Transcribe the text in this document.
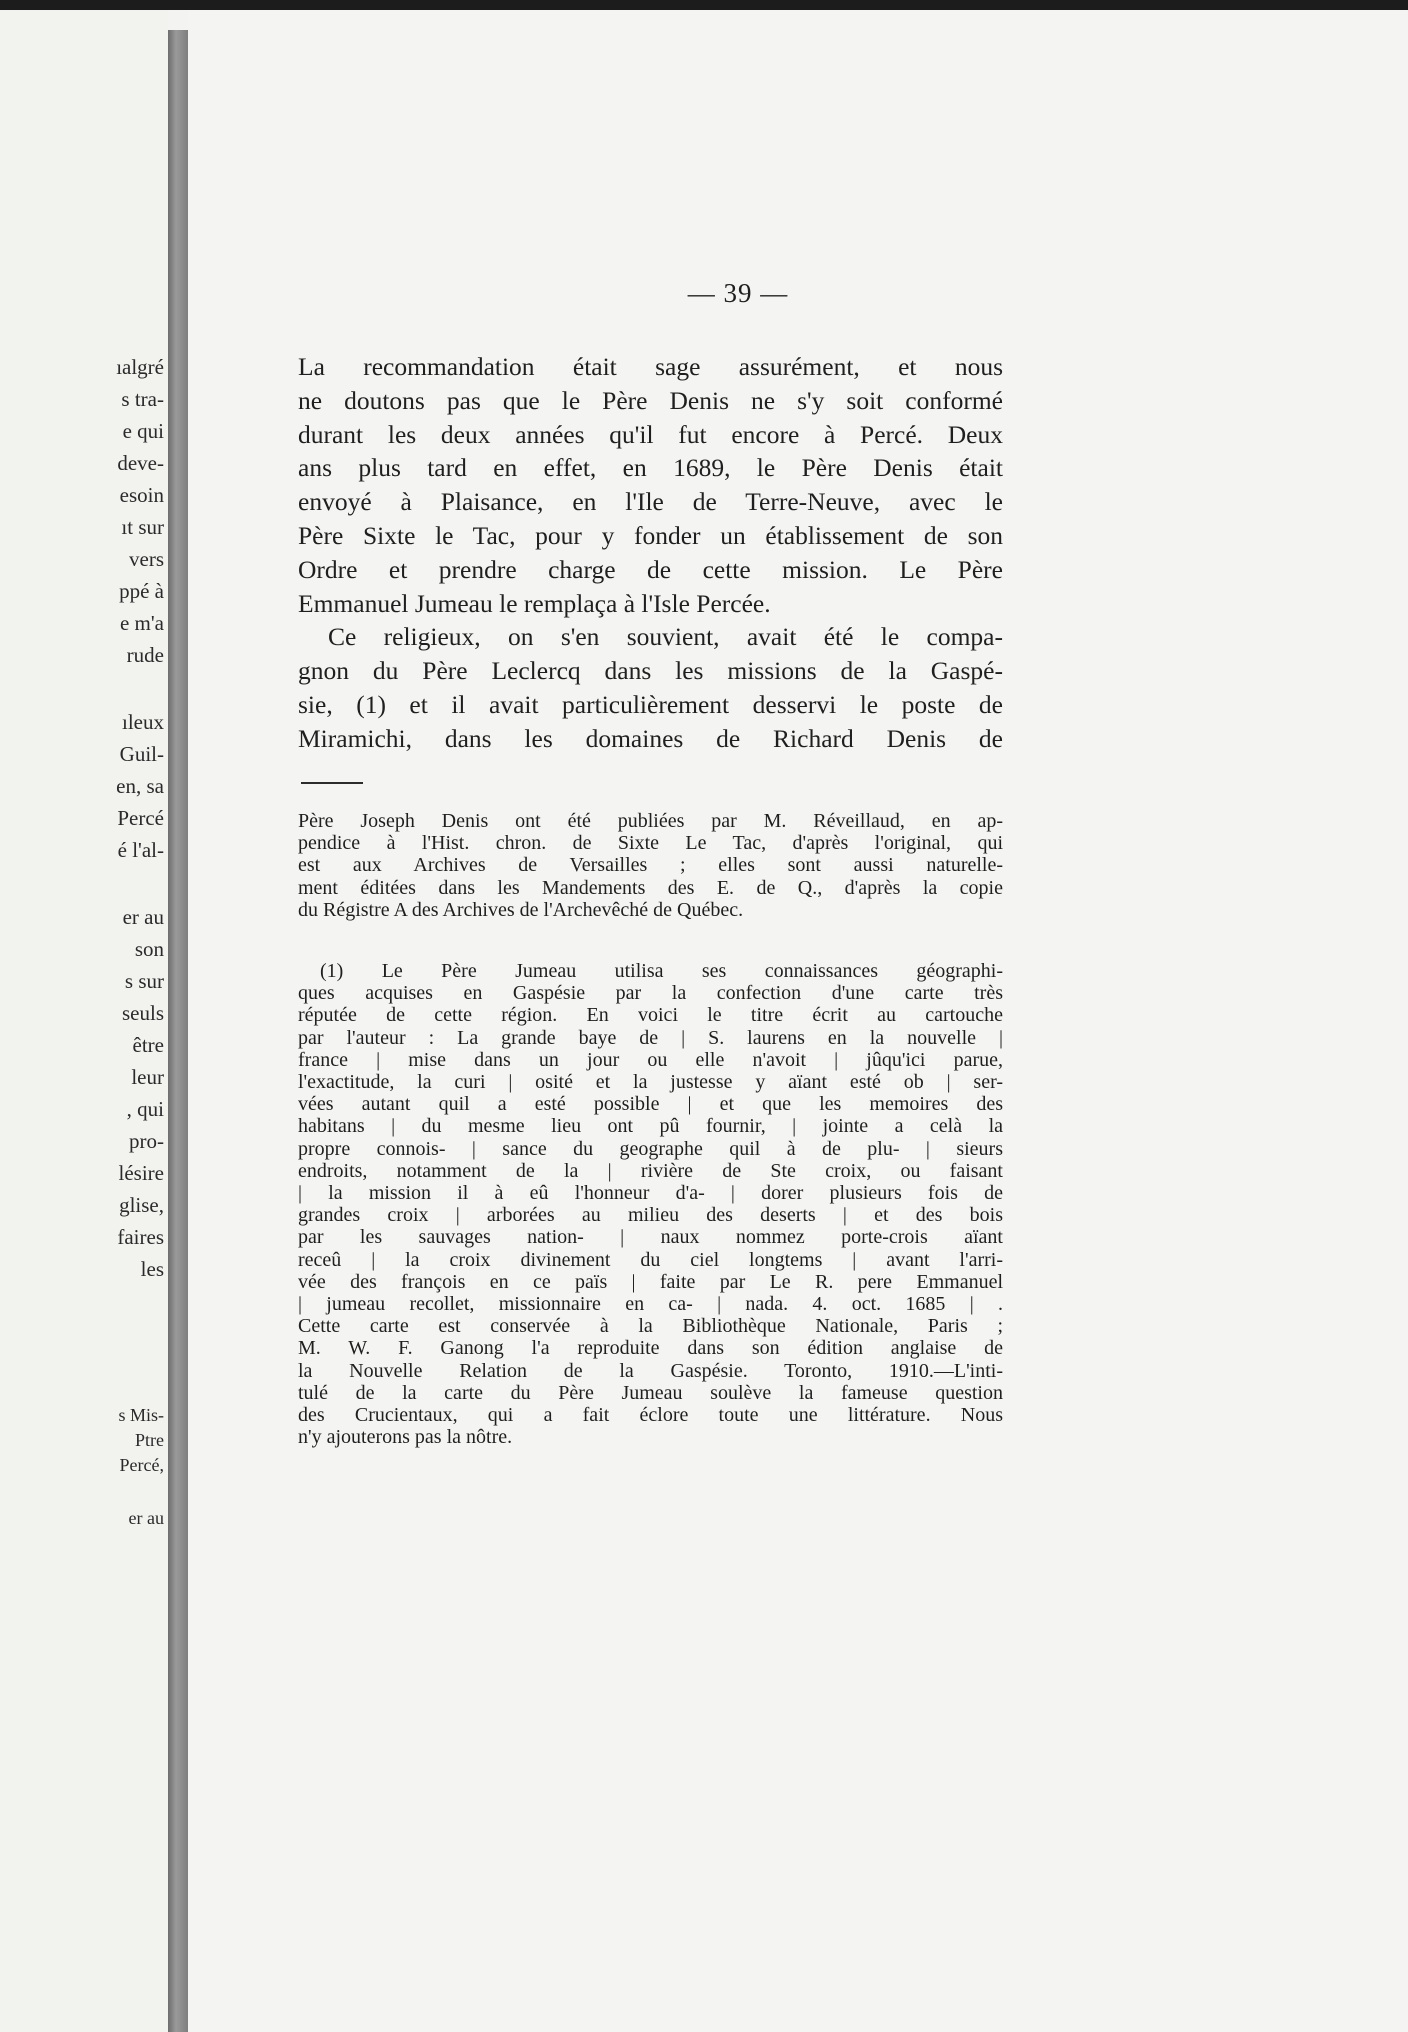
ıalgré
s tra-
e qui
deve-
esoin
ıt sur
vers
ppé à
e m'a
rude
ıleux
Guil-
en, sa
Percé
é l'al-
er au
son
s sur
seuls
être
leur
, qui
pro-
lésire
glise,
faires
les
s Mis-
Ptre
Percé,
er au
— 39 —
La recommandation était sage assurément, et nous
ne doutons pas que le Père Denis ne s'y soit conformé
durant les deux années qu'il fut encore à Percé. Deux
ans plus tard en effet, en 1689, le Père Denis était
envoyé à Plaisance, en l'Ile de Terre-Neuve, avec le
Père Sixte le Tac, pour y fonder un établissement de son
Ordre et prendre charge de cette mission. Le Père
Emmanuel Jumeau le remplaça à l'Isle Percée.
Ce religieux, on s'en souvient, avait été le compa-
gnon du Père Leclercq dans les missions de la Gaspé-
sie, (1) et il avait particulièrement desservi le poste de
Miramichi, dans les domaines de Richard Denis de
Père Joseph Denis ont été publiées par M. Réveillaud, en ap-
pendice à l'Hist. chron. de Sixte Le Tac, d'après l'original, qui
est aux Archives de Versailles ; elles sont aussi naturelle-
ment éditées dans les Mandements des E. de Q., d'après la copie
du Régistre A des Archives de l'Archevêché de Québec.
(1) Le Père Jumeau utilisa ses connaissances géographi-
ques acquises en Gaspésie par la confection d'une carte très
réputée de cette région. En voici le titre écrit au cartouche
par l'auteur : La grande baye de | S. laurens en la nouvelle |
france | mise dans un jour ou elle n'avoit | jûqu'ici parue,
l'exactitude, la curi | osité et la justesse y aïant esté ob | ser-
vées autant quil a esté possible | et que les memoires des
habitans | du mesme lieu ont pû fournir, | jointe a celà la
propre connois- | sance du geographe quil à de plu- | sieurs
endroits, notamment de la | rivière de Ste croix, ou faisant
| la mission il à eû l'honneur d'a- | dorer plusieurs fois de
grandes croix | arborées au milieu des deserts | et des bois
par les sauvages nation- | naux nommez porte-crois aïant
receû | la croix divinement du ciel longtems | avant l'arri-
vée des françois en ce païs | faite par Le R. pere Emmanuel
| jumeau recollet, missionnaire en ca- | nada. 4. oct. 1685 | .
Cette carte est conservée à la Bibliothèque Nationale, Paris ;
M. W. F. Ganong l'a reproduite dans son édition anglaise de
la Nouvelle Relation de la Gaspésie. Toronto, 1910.—L'inti-
tulé de la carte du Père Jumeau soulève la fameuse question
des Crucientaux, qui a fait éclore toute une littérature. Nous
n'y ajouterons pas la nôtre.
